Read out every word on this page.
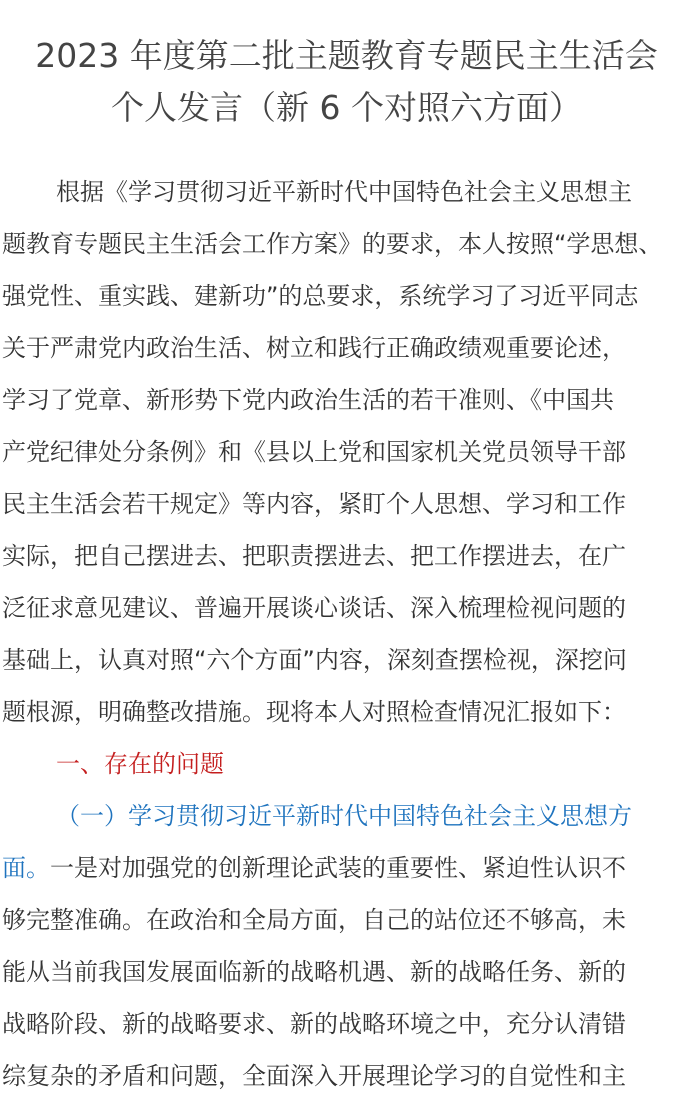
2023 年度第二批主题教育专题民主生活会
个人发言（新 6 个对照六方面）

根据《学习贯彻习近平新时代中国特色社会主义思想主
题教育专题民主生活会工作方案》的要求，本人按照“学思想、
强党性、重实践、建新功”的总要求，系统学习了习近平同志
关于严肃党内政治生活、树立和践行正确政绩观重要论述，
学习了党章、新形势下党内政治生活的若干准则、《中国共
产党纪律处分条例》和《县以上党和国家机关党员领导干部
民主生活会若干规定》等内容，紧盯个人思想、学习和工作
实际，把自己摆进去、把职责摆进去、把工作摆进去，在广
泛征求意见建议、普遍开展谈心谈话、深入梳理检视问题的
基础上，认真对照“六个方面”内容，深刻查摆检视，深挖问
题根源，明确整改措施。现将本人对照检查情况汇报如下：

一、存在的问题

（一）学习贯彻习近平新时代中国特色社会主义思想方
面。一是对加强党的创新理论武装的重要性、紧迫性认识不
够完整准确。在政治和全局方面，自己的站位还不够高，未
能从当前我国发展面临新的战略机遇、新的战略任务、新的
战略阶段、新的战略要求、新的战略环境之中，充分认清错
综复杂的矛盾和问题，全面深入开展理论学习的自觉性和主
